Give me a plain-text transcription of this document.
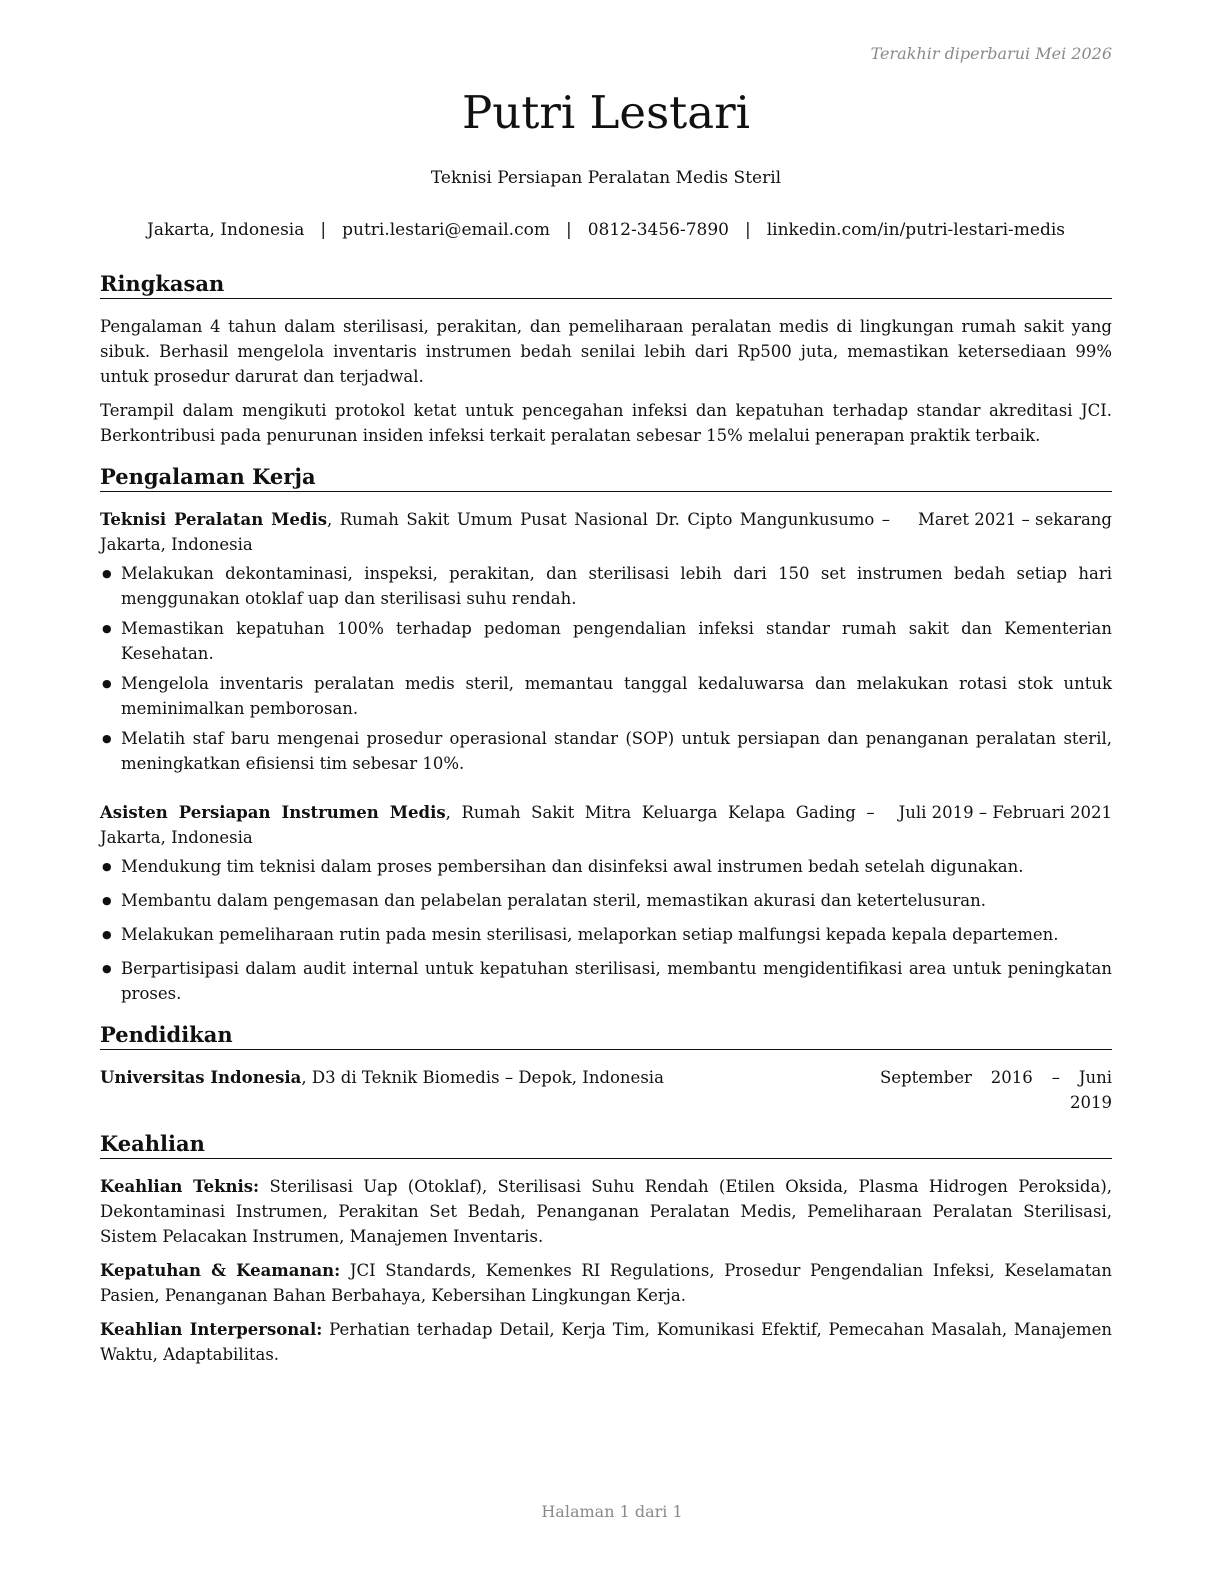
Terakhir diperbarui Mei 2026
Putri Lestari
Teknisi Persiapan Peralatan Medis Steril
Jakarta, Indonesia | putri.lestari@email.com | 0812-3456-7890 | linkedin.com/in/putri-lestari-medis
Ringkasan

Pengalaman 4 tahun dalam sterilisasi, perakitan, dan pemeliharaan peralatan medis di lingkungan rumah sakit yang sibuk. Berhasil mengelola inventaris instrumen bedah senilai lebih dari Rp500 juta, memastikan ketersediaan 99% untuk prosedur darurat dan terjadwal.

Terampil dalam mengikuti protokol ketat untuk pencegahan infeksi dan kepatuhan terhadap standar akreditasi JCI. Berkontribusi pada penurunan insiden infeksi terkait peralatan sebesar 15% melalui penerapan praktik terbaik.

Pengalaman Kerja
Teknisi Peralatan Medis, Rumah Sakit Umum Pusat Nasional Dr. Cipto Mangunkusumo – Jakarta, Indonesia
Maret 2021 – sekarang
● Melakukan dekontaminasi, inspeksi, perakitan, dan sterilisasi lebih dari 150 set instrumen bedah setiap hari menggunakan otoklaf uap dan sterilisasi suhu rendah.
● Memastikan kepatuhan 100% terhadap pedoman pengendalian infeksi standar rumah sakit dan Kementerian Kesehatan.
● Mengelola inventaris peralatan medis steril, memantau tanggal kedaluwarsa dan melakukan rotasi stok untuk meminimalkan pemborosan.
● Melatih staf baru mengenai prosedur operasional standar (SOP) untuk persiapan dan penanganan peralatan steril, meningkatkan efisiensi tim sebesar 10%.
Asisten Persiapan Instrumen Medis, Rumah Sakit Mitra Keluarga Kelapa Gading – Jakarta, Indonesia
Juli 2019 – Februari 2021
● Mendukung tim teknisi dalam proses pembersihan dan disinfeksi awal instrumen bedah setelah digunakan.
● Membantu dalam pengemasan dan pelabelan peralatan steril, memastikan akurasi dan ketertelusuran.
● Melakukan pemeliharaan rutin pada mesin sterilisasi, melaporkan setiap malfungsi kepada kepala departemen.
● Berpartisipasi dalam audit internal untuk kepatuhan sterilisasi, membantu mengidentifikasi area untuk peningkatan proses.
Pendidikan
Universitas Indonesia, D3 di Teknik Biomedis – Depok, Indonesia	September 2016 – Juni 2019
Keahlian

Keahlian Teknis: Sterilisasi Uap (Otoklaf), Sterilisasi Suhu Rendah (Etilen Oksida, Plasma Hidrogen Peroksida), Dekontaminasi Instrumen, Perakitan Set Bedah, Penanganan Peralatan Medis, Pemeliharaan Peralatan Sterilisasi, Sistem Pelacakan Instrumen, Manajemen Inventaris.

Kepatuhan & Keamanan: JCI Standards, Kemenkes RI Regulations, Prosedur Pengendalian Infeksi, Keselamatan Pasien, Penanganan Bahan Berbahaya, Kebersihan Lingkungan Kerja.

Keahlian Interpersonal: Perhatian terhadap Detail, Kerja Tim, Komunikasi Efektif, Pemecahan Masalah, Manajemen Waktu, Adaptabilitas.

Halaman 1 dari 1
